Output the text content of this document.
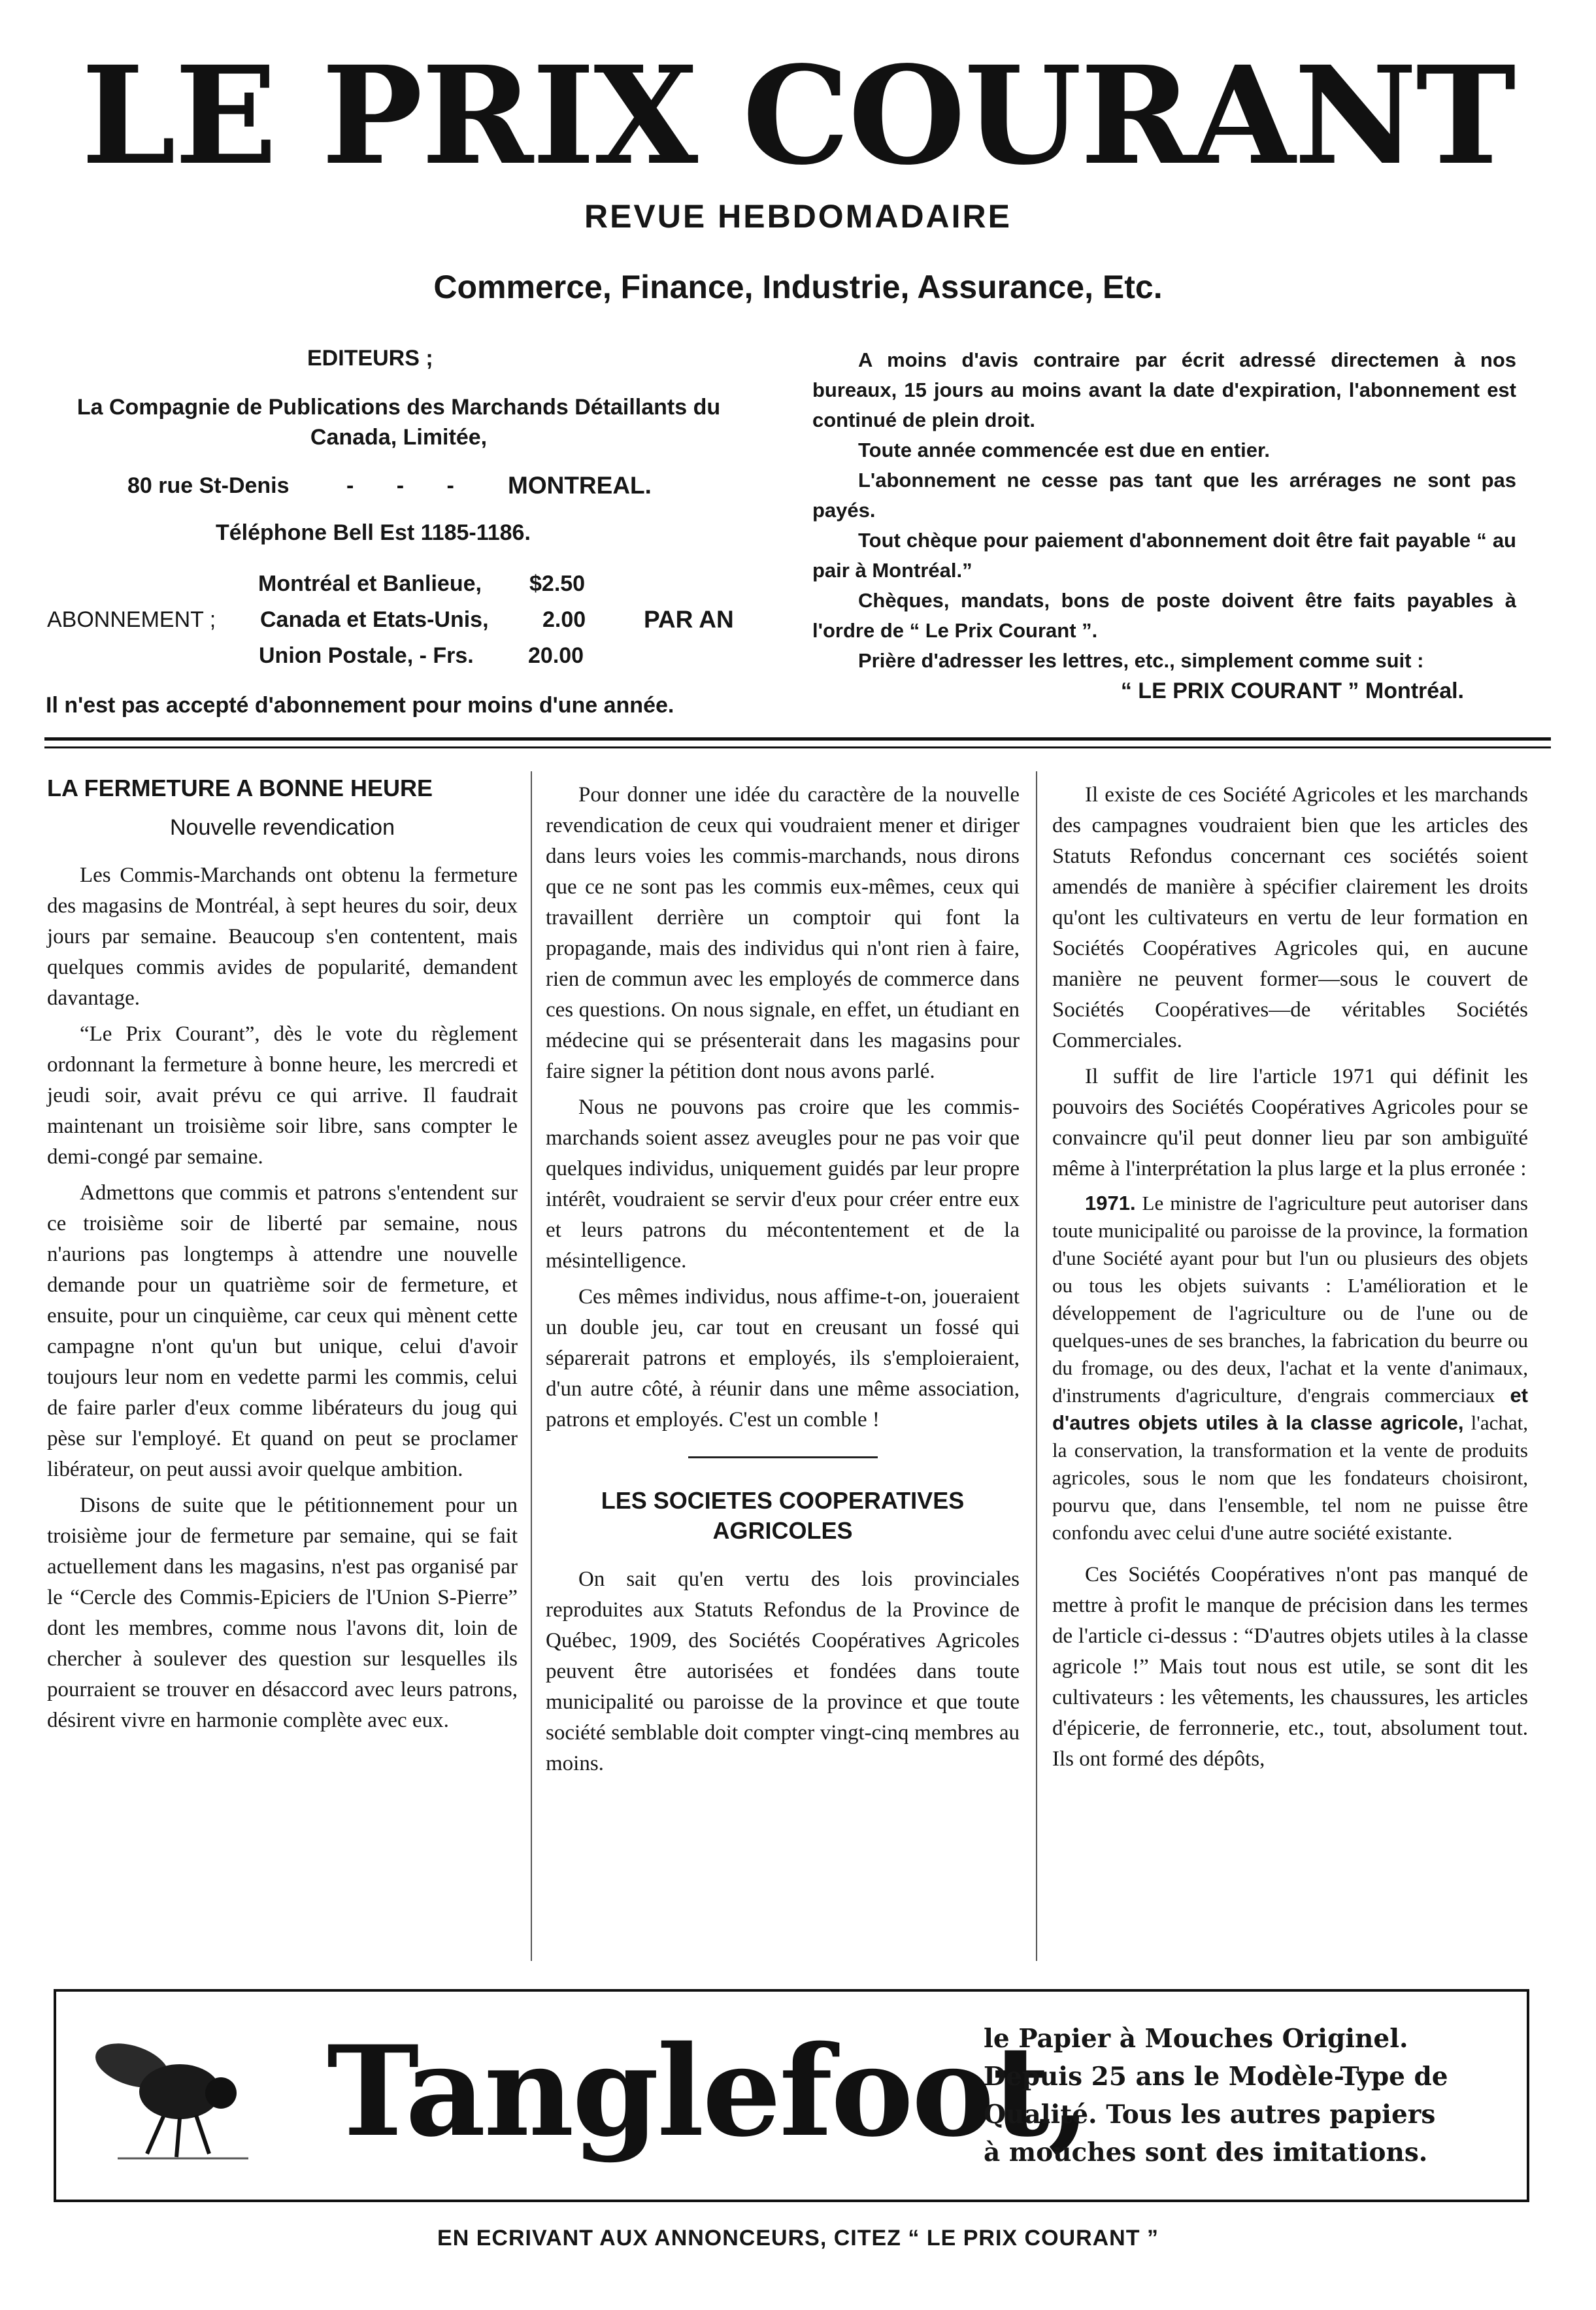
LE PRIX COURANT
REVUE HEBDOMADAIRE
Commerce, Finance, Industrie, Assurance, Etc.
EDITEURS ;
La Compagnie de Publications des Marchands Détaillants du
Canada, Limitée,
80 rue St-Denis	- - - MONTREAL.
Téléphone Bell Est 1185-1186.
ABONNEMENT ;
Montréal et Banlieue, $2.50
Canada et Etats-Unis, 2.00 PAR AN
Union Postale, - Frs. 20.00
Il n'est pas accepté d'abonnement pour moins d'une année.

A moins d'avis contraire par écrit adressé directemen à nos bureaux, 15 jours au moins avant la date d'expiration, l'abonnement est continué de plein droit.

Toute année commencée est due en entier.

L'abonnement ne cesse pas tant que les arrérages ne sont pas payés.

Tout chèque pour paiement d'abonnement doit être fait payable “ au pair à Montréal.”

Chèques, mandats, bons de poste doivent être faits payables à l'ordre de “ Le Prix Courant ”.

Prière d'adresser les lettres, etc., simplement comme suit :

“ LE PRIX COURANT ” Montréal.

LA FERMETURE A BONNE HEURE
Nouvelle revendication

Les Commis-Marchands ont obtenu la fermeture des magasins de Montréal, à sept heures du soir, deux jours par semaine. Beaucoup s'en contentent, mais quelques commis avides de popularité, demandent davantage.

“Le Prix Courant”, dès le vote du règlement ordonnant la fermeture à bonne heure, les mercredi et jeudi soir, avait prévu ce qui arrive. Il faudrait maintenant un troisième soir libre, sans compter le demi-congé par semaine.

Admettons que commis et patrons s'entendent sur ce troisième soir de liberté par semaine, nous n'aurions pas longtemps à attendre une nouvelle demande pour un quatrième soir de fermeture, et ensuite, pour un cinquième, car ceux qui mènent cette campagne n'ont qu'un but unique, celui d'avoir toujours leur nom en vedette parmi les commis, celui de faire parler d'eux comme libérateurs du joug qui pèse sur l'employé. Et quand on peut se proclamer libérateur, on peut aussi avoir quelque ambition.

Disons de suite que le pétitionnement pour un troisième jour de fermeture par semaine, qui se fait actuellement dans les magasins, n'est pas organisé par le “Cercle des Commis-Epiciers de l'Union S-Pierre” dont les membres, comme nous l'avons dit, loin de chercher à soulever des question sur lesquelles ils pourraient se trouver en désaccord avec leurs patrons, désirent vivre en harmonie complète avec eux.

Pour donner une idée du caractère de la nouvelle revendication de ceux qui voudraient mener et diriger dans leurs voies les commis-marchands, nous dirons que ce ne sont pas les commis eux-mêmes, ceux qui travaillent derrière un comptoir qui font la propagande, mais des individus qui n'ont rien à faire, rien de commun avec les employés de commerce dans ces questions. On nous signale, en effet, un étudiant en médecine qui se présenterait dans les magasins pour faire signer la pétition dont nous avons parlé.

Nous ne pouvons pas croire que les commis-marchands soient assez aveugles pour ne pas voir que quelques individus, uniquement guidés par leur propre intérêt, voudraient se servir d'eux pour créer entre eux et leurs patrons du mécontentement et de la mésintelligence.

Ces mêmes individus, nous affime-t-on, joueraient un double jeu, car tout en creusant un fossé qui séparerait patrons et employés, ils s'emploieraient, d'un autre côté, à réunir dans une même association, patrons et employés. C'est un comble !

LES SOCIETES COOPERATIVES AGRICOLES

On sait qu'en vertu des lois provinciales reproduites aux Statuts Refondus de la Province de Québec, 1909, des Sociétés Coopératives Agricoles peuvent être autorisées et fondées dans toute municipalité ou paroisse de la province et que toute société semblable doit compter vingt-cinq membres au moins.

Il existe de ces Société Agricoles et les marchands des campagnes voudraient bien que les articles des Statuts Refondus concernant ces sociétés soient amendés de manière à spécifier clairement les droits qu'ont les cultivateurs en vertu de leur formation en Sociétés Coopératives Agricoles qui, en aucune manière ne peuvent former—sous le couvert de Sociétés Coopératives—de véritables Sociétés Commerciales.

Il suffit de lire l'article 1971 qui définit les pouvoirs des Sociétés Coopératives Agricoles pour se convaincre qu'il peut donner lieu par son ambiguïté même à l'interprétation la plus large et la plus erronée :

1971. Le ministre de l'agriculture peut autoriser dans toute municipalité ou paroisse de la province, la formation d'une Société ayant pour but l'un ou plusieurs des objets ou tous les objets suivants : L'amélioration et le développement de l'agriculture ou de l'une ou de quelques-unes de ses branches, la fabrication du beurre ou du fromage, ou des deux, l'achat et la vente d'animaux, d'instruments d'agriculture, d'engrais commerciaux et d'autres objets utiles à la classe agricole, l'achat, la conservation, la transformation et la vente de produits agricoles, sous le nom que les fondateurs choisiront, pourvu que, dans l'ensemble, tel nom ne puisse être confondu avec celui d'une autre société existante.

Ces Sociétés Coopératives n'ont pas manqué de mettre à profit le manque de précision dans les termes de l'article ci-dessus : “D'autres objets utiles à la classe agricole !” Mais tout nous est utile, se sont dit les cultivateurs : les vêtements, les chaussures, les articles d'épicerie, de ferronnerie, etc., tout, absolument tout. Ils ont formé des dépôts,

Tanglefoot,
le Papier à Mouches Originel.
Depuis 25 ans le Modèle-Type de
Qualité. Tous les autres papiers
à mouches sont des imitations.
EN ECRIVANT AUX ANNONCEURS, CITEZ “ LE PRIX COURANT ”
